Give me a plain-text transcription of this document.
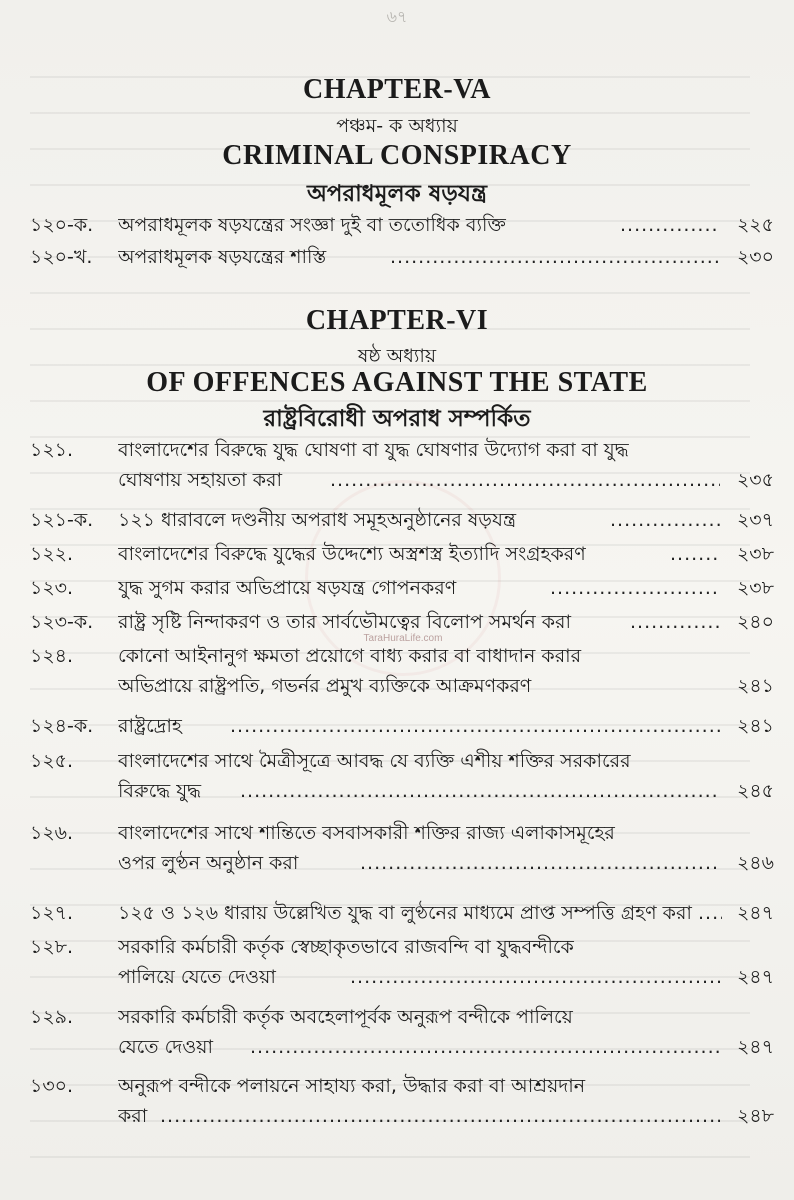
৬৭
CHAPTER-VA
পঞ্চম- ক অধ্যায়
CRIMINAL CONSPIRACY
অপরাধমূলক ষড়যন্ত্র
১২০-ক. অপরাধমূলক ষড়যন্ত্রের সংজ্ঞা দুই বা ততোধিক ব্যক্তি .....	২২৫
১২০-খ. অপরাধমূলক ষড়যন্ত্রের শাস্তি .....	২৩০
CHAPTER-VI
ষষ্ঠ অধ্যায়
OF OFFENCES AGAINST THE STATE
রাষ্ট্রবিরোধী অপরাধ সম্পর্কিত
১২১. বাংলাদেশের বিরুদ্ধে যুদ্ধ ঘোষণা বা যুদ্ধ ঘোষণার উদ্যোগ করা বা যুদ্ধ
ঘোষণায় সহায়তা করা .....	২৩৫
১২১-ক. ১২১ ধারাবলে দণ্ডনীয় অপরাধ সমূহঅনুষ্ঠানের ষড়যন্ত্র .....	২৩৭
১২২. বাংলাদেশের বিরুদ্ধে যুদ্ধের উদ্দেশ্যে অস্ত্রশস্ত্র ইত্যাদি সংগ্রহকরণ .....	২৩৮
১২৩. যুদ্ধ সুগম করার অভিপ্রায়ে ষড়যন্ত্র গোপনকরণ .....	২৩৮
১২৩-ক. রাষ্ট্র সৃষ্টি নিন্দাকরণ ও তার সার্বভৌমত্বের বিলোপ সমর্থন করা .....	২৪০
১২৪. কোনো আইনানুগ ক্ষমতা প্রয়োগে বাধ্য করার বা বাধাদান করার
অভিপ্রায়ে রাষ্ট্রপতি, গভর্নর প্রমুখ ব্যক্তিকে আক্রমণকরণ	২৪১
১২৪-ক. রাষ্ট্রদ্রোহ .....	২৪১
১২৫. বাংলাদেশের সাথে মৈত্রীসূত্রে আবদ্ধ যে ব্যক্তি এশীয় শক্তির সরকারের
বিরুদ্ধে যুদ্ধ .....	২৪৫
১২৬. বাংলাদেশের সাথে শান্তিতে বসবাসকারী শক্তির রাজ্য এলাকাসমূহের
ওপর লুণ্ঠন অনুষ্ঠান করা .....	২৪৬
১২৭. ১২৫ ও ১২৬ ধারায় উল্লেখিত যুদ্ধ বা লুণ্ঠনের মাধ্যমে প্রাপ্ত সম্পত্তি গ্রহণ করা .....	২৪৭
১২৮. সরকারি কর্মচারী কর্তৃক স্বেচ্ছাকৃতভাবে রাজবন্দি বা যুদ্ধবন্দীকে
পালিয়ে যেতে দেওয়া .....	২৪৭
১২৯. সরকারি কর্মচারী কর্তৃক অবহেলাপূর্বক অনুরূপ বন্দীকে পালিয়ে
যেতে দেওয়া .....	২৪৭
১৩০. অনুরূপ বন্দীকে পলায়নে সাহায্য করা, উদ্ধার করা বা আশ্রয়দান
করা .....	২৪৮
TaraHuraLife.com
